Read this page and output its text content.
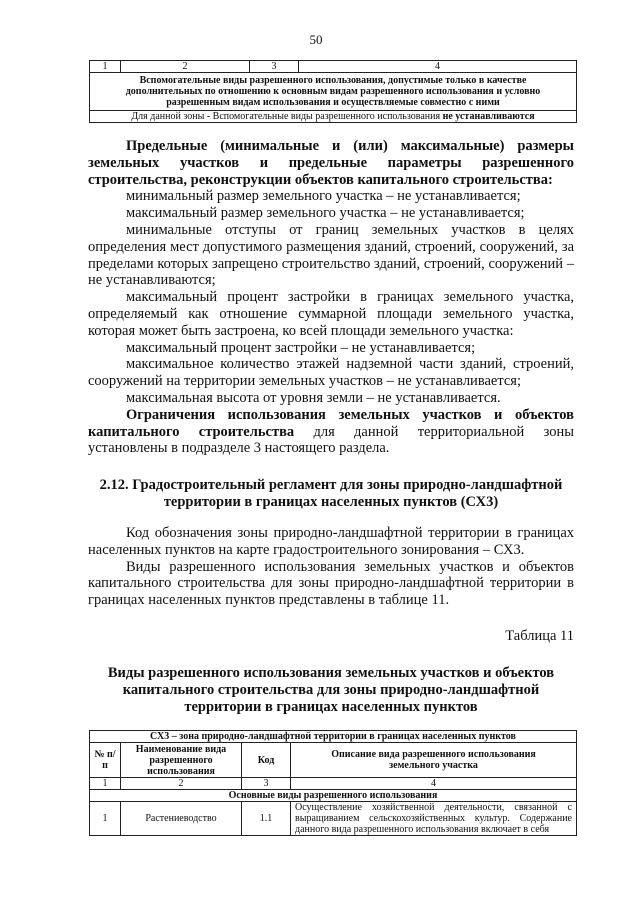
50
1	2	3	4
Вспомогательные виды разрешенного использования, допустимые только в качестве дополнительных по отношению к основным видам разрешенного использования и условно разрешенным видам использования и осуществляемые совместно с ними
Для данной зоны - Вспомогательные виды разрешенного использования не устанавливаются

Предельные (минимальные и (или) максимальные) размеры земельных участков и предельные параметры разрешенного строительства, реконструкции объектов капитального строительства:

минимальный размер земельного участка – не устанавливается;

максимальный размер земельного участка – не устанавливается;

минимальные отступы от границ земельных участков в целях определения мест допустимого размещения зданий, строений, сооружений, за пределами которых запрещено строительство зданий, строений, сооружений – не устанавливаются;

максимальный процент застройки в границах земельного участка, определяемый как отношение суммарной площади земельного участка, которая может быть застроена, ко всей площади земельного участка:

максимальный процент застройки – не устанавливается;

максимальное количество этажей надземной части зданий, строений, сооружений на территории земельных участков – не устанавливается;

максимальная высота от уровня земли – не устанавливается.

Ограничения использования земельных участков и объектов капитального строительства для данной территориальной зоны установлены в подразделе 3 настоящего раздела.

2.12. Градостроительный регламент для зоны природно-ландшафтной территории в границах населенных пунктов (СХ3)

Код обозначения зоны природно-ландшафтной территории в границах населенных пунктов на карте градостроительного зонирования – СХ3.

Виды разрешенного использования земельных участков и объектов капитального строительства для зоны природно-ландшафтной территории в границах населенных пунктов представлены в таблице 11.

Таблица 11
Виды разрешенного использования земельных участков и объектов капитального строительства для зоны природно-ландшафтной территории в границах населенных пунктов
СХ3 – зона природно-ландшафтной территории в границах населенных пунктов			
№ п/п	Наименование вида разрешенного использования	Код	Описание вида разрешенного использования земельного участка
1	2	3	4
Основные виды разрешенного использования			
1	Растениеводство	1.1	Осуществление хозяйственной деятельности, связанной с выращиванием сельскохозяйственных культур. Содержание данного вида разрешенного использования включает в себя
